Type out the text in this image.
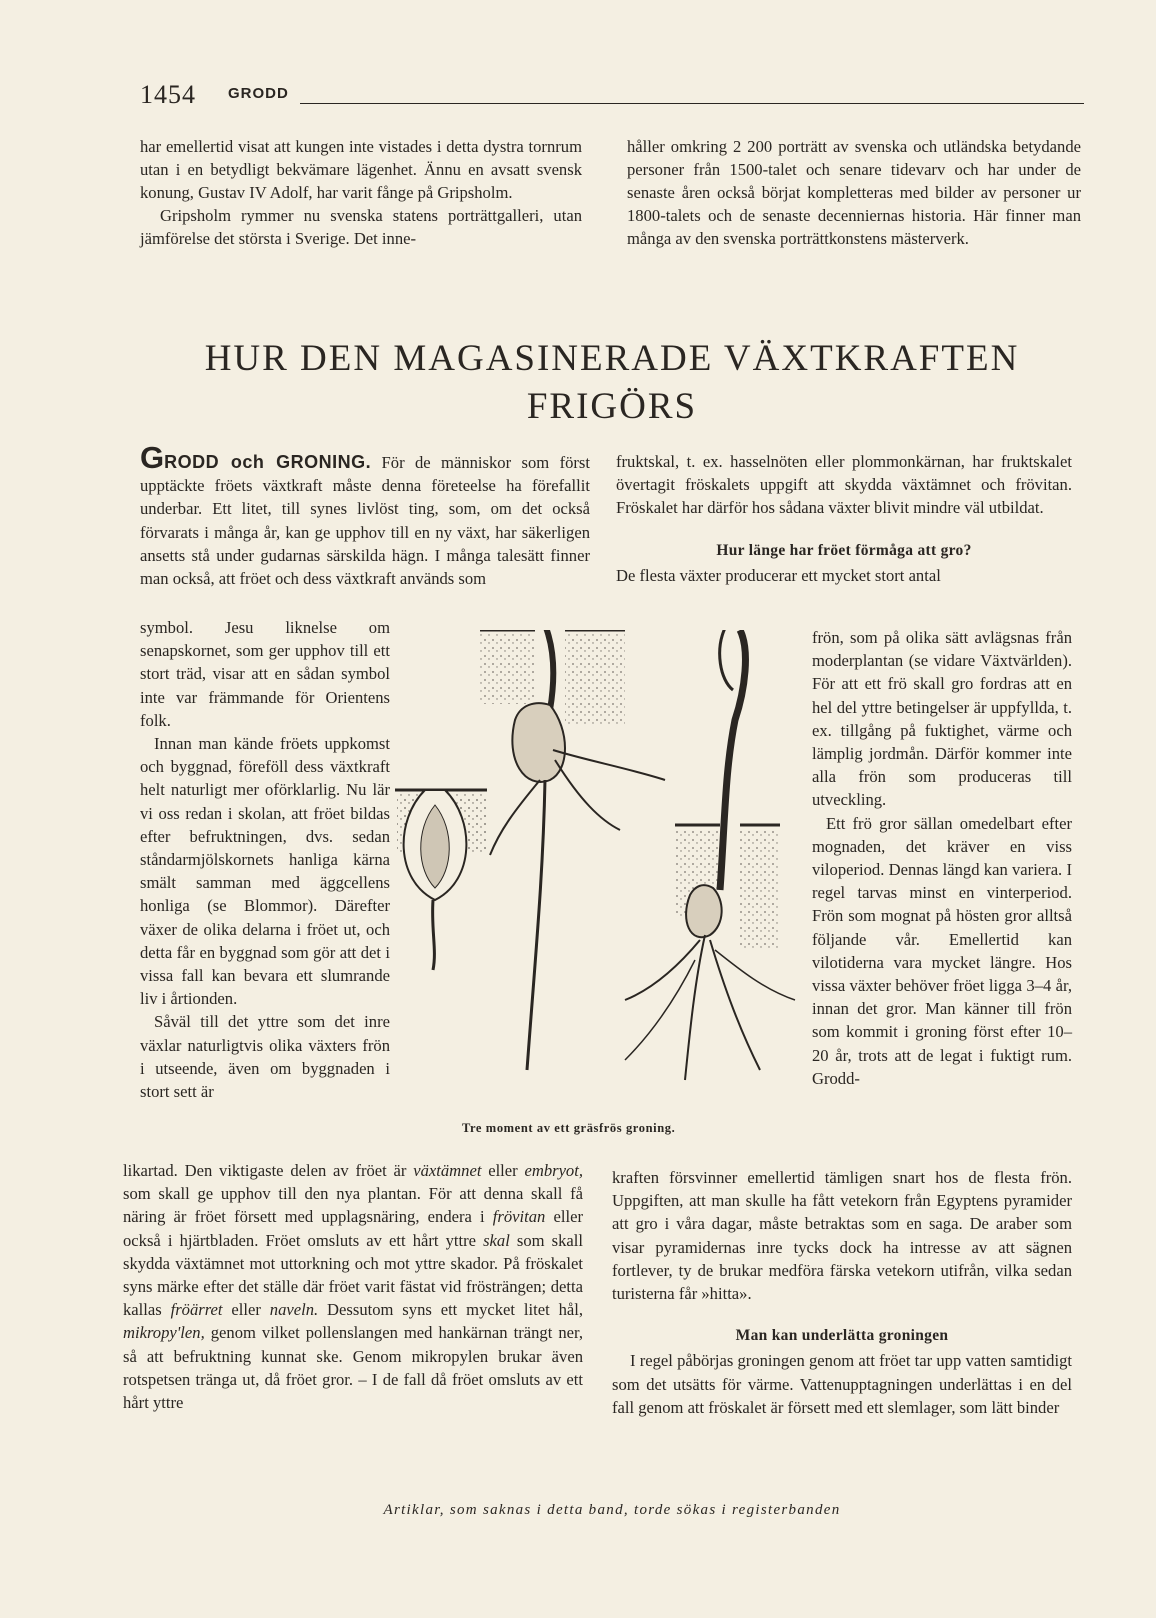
1454 GRODD

har emellertid visat att kungen inte vistades i detta dystra tornrum utan i en betydligt bekvämare lägenhet. Ännu en avsatt svensk konung, Gustav IV Adolf, har varit fånge på Gripsholm.

Gripsholm rymmer nu svenska statens porträttgalleri, utan jämförelse det största i Sverige. Det inne-

håller omkring 2 200 porträtt av svenska och utländska betydande personer från 1500-talet och senare tidevarv och har under de senaste åren också börjat kompletteras med bilder av personer ur 1800-talets och de senaste decenniernas historia. Här finner man många av den svenska porträttkonstens mästerverk.

HUR DEN MAGASINERADE VÄXTKRAFTEN
FRIGÖRS
GRODD och GRONING. För de människor som först upptäckte fröets växtkraft måste denna företeelse ha förefallit underbar. Ett litet, till synes livlöst ting, som, om det också förvarats i många år, kan ge upphov till en ny växt, har säkerligen ansetts stå under gudarnas särskilda hägn. I många talesätt finner man också, att fröet och dess växtkraft används som

symbol. Jesu liknelse om senapskornet, som ger upphov till ett stort träd, visar att en sådan symbol inte var främmande för Orientens folk.

Innan man kände fröets uppkomst och byggnad, föreföll dess växtkraft helt naturligt mer oförklarlig. Nu lär vi oss redan i skolan, att fröet bildas efter befruktningen, dvs. sedan ståndarmjölskornets hanliga kärna smält samman med äggcellens honliga (se Blommor). Därefter växer de olika delarna i fröet ut, och detta får en byggnad som gör att det i vissa fall kan bevara ett slumrande liv i årtionden.

Såväl till det yttre som det inre växlar naturligtvis olika växters frön i utseende, även om byggnaden i stort sett är

likartad. Den viktigaste delen av fröet är växtämnet eller embryot, som skall ge upphov till den nya plantan. För att denna skall få näring är fröet försett med upplagsnäring, endera i frövitan eller också i hjärtbladen. Fröet omsluts av ett hårt yttre skal som skall skydda växtämnet mot uttorkning och mot yttre skador. På fröskalet syns märke efter det ställe där fröet varit fästat vid frösträngen; detta kallas fröärret eller naveln. Dessutom syns ett mycket litet hål, mikropy'len, genom vilket pollenslangen med hankärnan trängt ner, så att befruktning kunnat ske. Genom mikropylen brukar även rotspetsen tränga ut, då fröet gror. – I de fall då fröet omsluts av ett hårt yttre
fruktskal, t. ex. hasselnöten eller plommonkärnan, har fruktskalet övertagit fröskalets uppgift att skydda växtämnet och frövitan. Fröskalet har därför hos sådana växter blivit mindre väl utbildat.
Hur länge har fröet förmåga att gro?
De flesta växter producerar ett mycket stort antal

frön, som på olika sätt avlägsnas från moderplantan (se vidare Växtvärlden). För att ett frö skall gro fordras att en hel del yttre betingelser är uppfyllda, t. ex. tillgång på fuktighet, värme och lämplig jordmån. Därför kommer inte alla frön som produceras till utveckling.

Ett frö gror sällan omedelbart efter mognaden, det kräver en viss viloperiod. Dennas längd kan variera. I regel tarvas minst en vinterperiod. Frön som mognat på hösten gror alltså följande vår. Emellertid kan vilotiderna vara mycket längre. Hos vissa växter behöver fröet ligga 3–4 år, innan det gror. Man känner till frön som kommit i groning först efter 10–20 år, trots att de legat i fuktigt rum. Grodd-

kraften försvinner emellertid tämligen snart hos de flesta frön. Uppgiften, att man skulle ha fått vetekorn från Egyptens pyramider att gro i våra dagar, måste betraktas som en saga. De araber som visar pyramidernas inre tycks dock ha intresse av att sägnen fortlever, ty de brukar medföra färska vetekorn utifrån, vilka sedan turisterna får »hitta».

Man kan underlätta groningen

I regel påbörjas groningen genom att fröet tar upp vatten samtidigt som det utsätts för värme. Vattenupptagningen underlättas i en del fall genom att fröskalet är försett med ett slemlager, som lätt binder

Tre moment av ett gräsfrös groning.
Artiklar, som saknas i detta band, torde sökas i registerbanden
